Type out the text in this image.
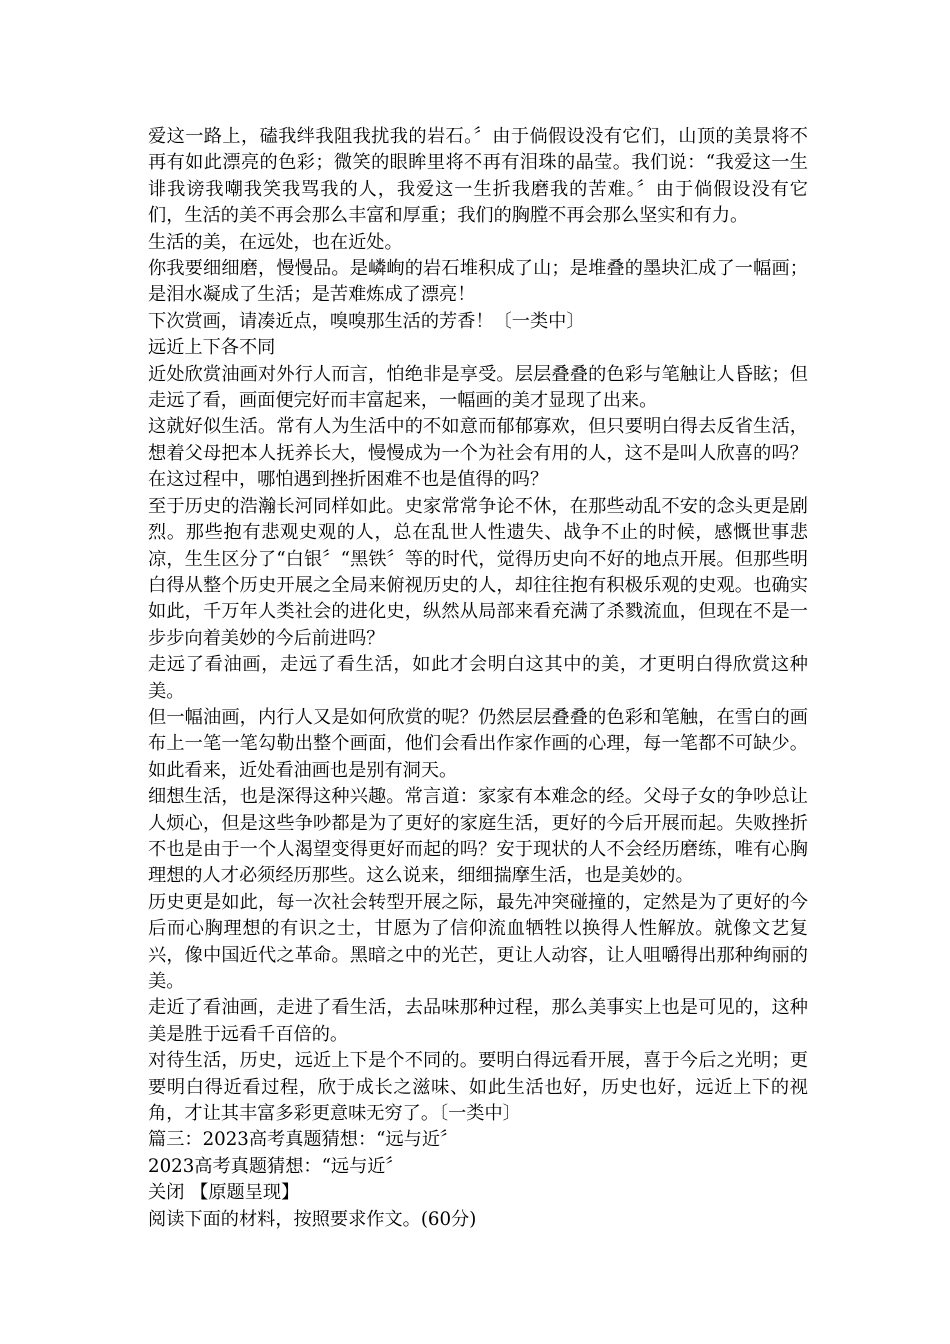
爱这一路上，磕我绊我阻我扰我的岩石。〞由于倘假设没有它们，山顶的美景将不再有如此漂亮的色彩；微笑的眼眸里将不再有泪珠的晶莹。我们说：“我爱这一生诽我谤我嘲我笑我骂我的人，我爱这一生折我磨我的苦难。〞由于倘假设没有它们，生活的美不再会那么丰富和厚重；我们的胸膛不再会那么坚实和有力。

生活的美，在远处，也在近处。

你我要细细磨，慢慢品。是嶙峋的岩石堆积成了山；是堆叠的墨块汇成了一幅画；是泪水凝成了生活；是苦难炼成了漂亮！

下次赏画，请凑近点，嗅嗅那生活的芳香！〔一类中〕

远近上下各不同

近处欣赏油画对外行人而言，怕绝非是享受。层层叠叠的色彩与笔触让人昏眩；但走远了看，画面便完好而丰富起来，一幅画的美才显现了出来。

这就好似生活。常有人为生活中的不如意而郁郁寡欢，但只要明白得去反省生活，想着父母把本人抚养长大，慢慢成为一个为社会有用的人，这不是叫人欣喜的吗？在这过程中，哪怕遇到挫折困难不也是值得的吗？

至于历史的浩瀚长河同样如此。史家常常争论不休，在那些动乱不安的念头更是剧烈。那些抱有悲观史观的人，总在乱世人性遗失、战争不止的时候，感慨世事悲凉，生生区分了“白银〞“黑铁〞等的时代，觉得历史向不好的地点开展。但那些明白得从整个历史开展之全局来俯视历史的人，却往往抱有积极乐观的史观。也确实如此，千万年人类社会的进化史，纵然从局部来看充满了杀戮流血，但现在不是一步步向着美妙的今后前进吗？

走远了看油画，走远了看生活，如此才会明白这其中的美，才更明白得欣赏这种美。

但一幅油画，内行人又是如何欣赏的呢？仍然层层叠叠的色彩和笔触，在雪白的画布上一笔一笔勾勒出整个画面，他们会看出作家作画的心理，每一笔都不可缺少。如此看来，近处看油画也是别有洞天。

细想生活，也是深得这种兴趣。常言道：家家有本难念的经。父母子女的争吵总让人烦心，但是这些争吵都是为了更好的家庭生活，更好的今后开展而起。失败挫折不也是由于一个人渴望变得更好而起的吗？安于现状的人不会经历磨练，唯有心胸理想的人才必须经历那些。这么说来，细细揣摩生活，也是美妙的。

历史更是如此，每一次社会转型开展之际，最先冲突碰撞的，定然是为了更好的今后而心胸理想的有识之士，甘愿为了信仰流血牺牲以换得人性解放。就像文艺复兴，像中国近代之革命。黑暗之中的光芒，更让人动容，让人咀嚼得出那种绚丽的美。

走近了看油画，走进了看生活，去品味那种过程，那么美事实上也是可见的，这种美是胜于远看千百倍的。

对待生活，历史，远近上下是个不同的。要明白得远看开展，喜于今后之光明；更要明白得近看过程，欣于成长之滋味、如此生活也好，历史也好，远近上下的视角，才让其丰富多彩更意味无穷了。〔一类中〕

篇三：2023高考真题猜想：“远与近〞

2023高考真题猜想：“远与近〞

关闭 【原题呈现】

阅读下面的材料，按照要求作文。(60分)
